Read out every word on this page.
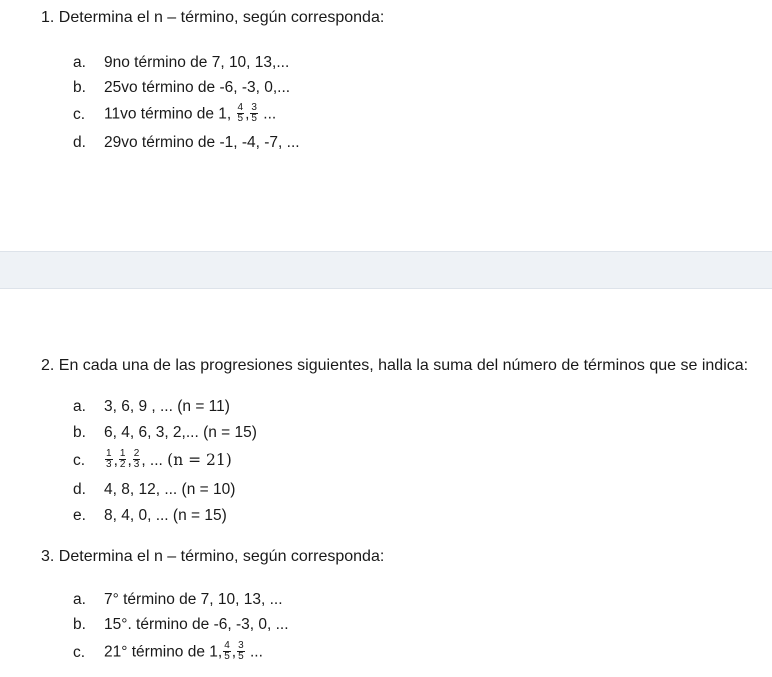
1. Determina el n – término, según corresponda:
a. 9no término de 7, 10, 13,...
b. 25vo término de -6, -3, 0,...
c. 11vo término de 1, $\frac{4}{5}$ , $\frac{3}{5}$ ...
d. 29vo término de -1, -4, -7, ...
2. En cada una de las progresiones siguientes, halla la suma del número de términos que se indica:
a. 3, 6, 9 , ... (n = 11)
b. 6, 4, 6, 3, 2,... (n = 15)
c. $\frac{1}{3}$ , $\frac{1}{2}$ , $\frac{2}{3}$ , ... (n = 21)
d. 4, 8, 12, ... (n = 10)
e. 8, 4, 0, ... (n = 15)
3. Determina el n – término, según corresponda:
a. 7° término de 7, 10, 13, ...
b. 15°. término de -6, -3, 0, ...
c. 21° término de 1, $\frac{4}{5}$ , $\frac{3}{5}$ ...
